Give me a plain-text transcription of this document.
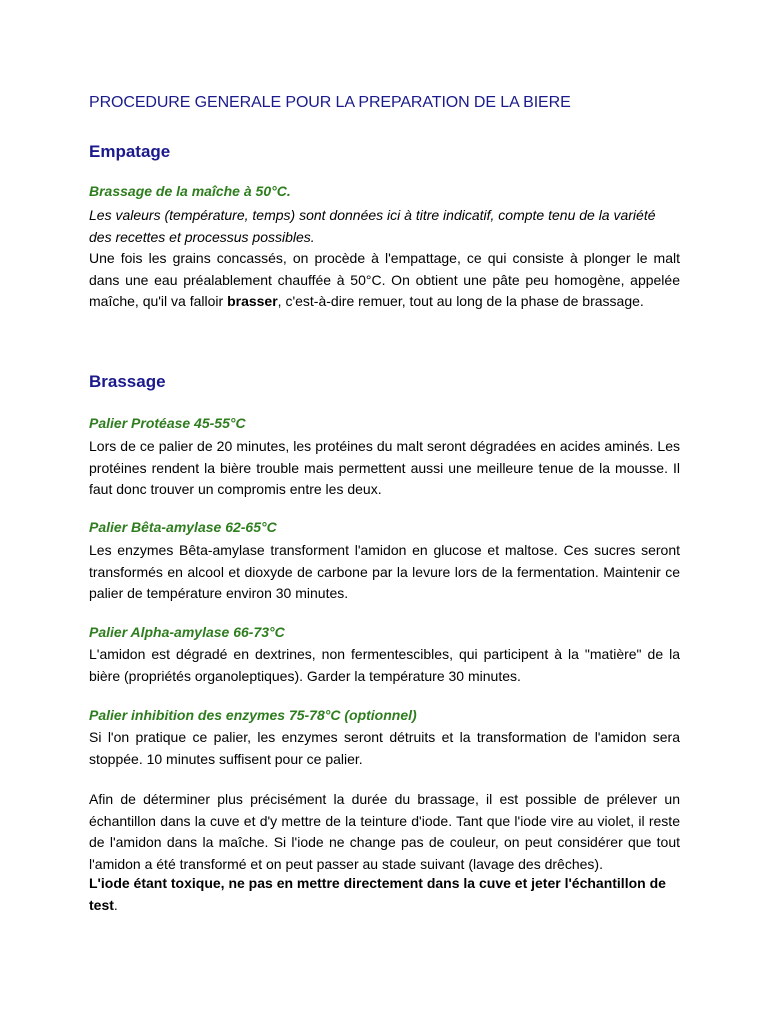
PROCEDURE GENERALE POUR LA PREPARATION DE LA BIERE
Empatage
Brassage de la maîche à 50°C.

Les valeurs (température, temps) sont données ici à titre indicatif, compte tenu de la variété des recettes et processus possibles.

Une fois les grains concassés, on procède à l'empattage, ce qui consiste à plonger le malt dans une eau préalablement chauffée à 50°C. On obtient une pâte peu homogène, appelée maîche, qu'il va falloir brasser, c'est-à-dire remuer, tout au long de la phase de brassage.

Brassage
Palier Protéase 45-55°C

Lors de ce palier de 20 minutes, les protéines du malt seront dégradées en acides aminés. Les protéines rendent la bière trouble mais permettent aussi une meilleure tenue de la mousse. Il faut donc trouver un compromis entre les deux.

Palier Bêta-amylase 62-65°C

Les enzymes Bêta-amylase transforment l'amidon en glucose et maltose. Ces sucres seront transformés en alcool et dioxyde de carbone par la levure lors de la fermentation. Maintenir ce palier de température environ 30 minutes.

Palier Alpha-amylase 66-73°C

L'amidon est dégradé en dextrines, non fermentescibles, qui participent à la "matière" de la bière (propriétés organoleptiques). Garder la température 30 minutes.

Palier inhibition des enzymes 75-78°C (optionnel)

Si l'on pratique ce palier, les enzymes seront détruits et la transformation de l'amidon sera stoppée. 10 minutes suffisent pour ce palier.

Afin de déterminer plus précisément la durée du brassage, il est possible de prélever un échantillon dans la cuve et d'y mettre de la teinture d'iode. Tant que l'iode vire au violet, il reste de l'amidon dans la maîche. Si l'iode ne change pas de couleur, on peut considérer que tout l'amidon a été transformé et on peut passer au stade suivant (lavage des drêches).

L'iode étant toxique, ne pas en mettre directement dans la cuve et jeter l'échantillon de test.
